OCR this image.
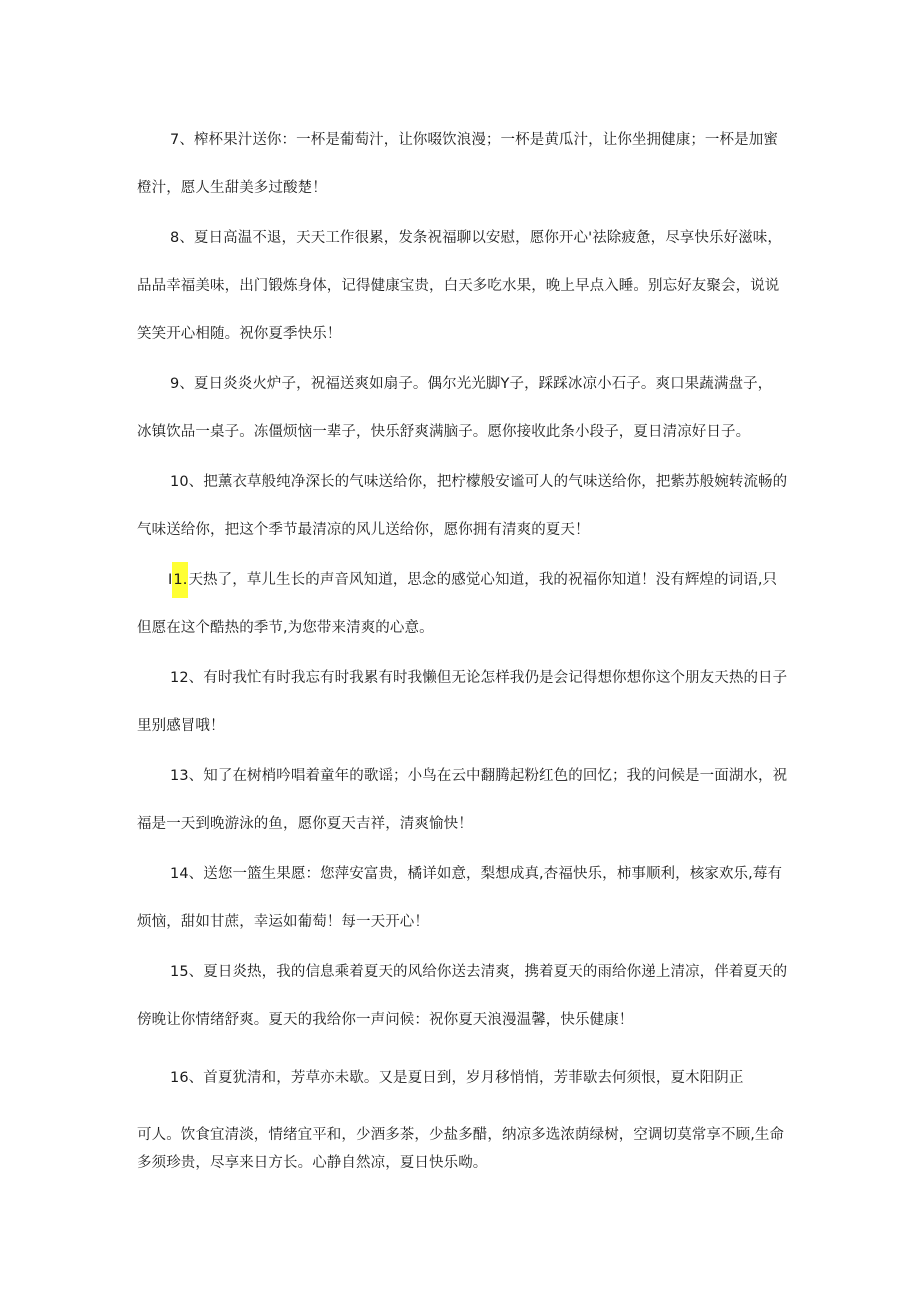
7、榨杯果汁送你：一杯是葡萄汁，让你啜饮浪漫；一杯是黄瓜汁，让你坐拥健康；一杯是加蜜
橙汁，愿人生甜美多过酸楚！
8、夏日高温不退，天天工作很累，发条祝福聊以安慰，愿你开心'祛除疲惫，尽享快乐好滋味，
品品幸福美味，出门锻炼身体，记得健康宝贵，白天多吃水果，晚上早点入睡。别忘好友聚会，说说
笑笑开心相随。祝你夏季快乐！
9、夏日炎炎火炉子，祝福送爽如扇子。偶尔光光脚Y子，踩踩冰凉小石子。爽口果蔬满盘子，
冰镇饮品一桌子。冻僵烦恼一辈子，快乐舒爽满脑子。愿你接收此条小段子，夏日清凉好日子。
10、把薰衣草般纯净深长的气味送给你，把柠檬般安谧可人的气味送给你，把紫苏般婉转流畅的
气味送给你，把这个季节最清凉的风儿送给你，愿你拥有清爽的夏天！
I1.天热了，草儿生长的声音风知道，思念的感觉心知道，我的祝福你知道！没有辉煌的词语,只
但愿在这个酷热的季节,为您带来清爽的心意。
12、有时我忙有时我忘有时我累有时我懒但无论怎样我仍是会记得想你想你这个朋友天热的日子
里别感冒哦！
13、知了在树梢吟唱着童年的歌谣；小鸟在云中翻腾起粉红色的回忆；我的问候是一面湖水，祝
福是一天到晚游泳的鱼，愿你夏天吉祥，清爽愉快！
14、送您一篮生果愿：您萍安富贵，橘详如意，梨想成真,杏福快乐，柿事顺利，核家欢乐,莓有
烦恼，甜如甘蔗，幸运如葡萄！每一天开心！
15、夏日炎热，我的信息乘着夏天的风给你送去清爽，携着夏天的雨给你递上清凉，伴着夏天的
傍晚让你情绪舒爽。夏天的我给你一声问候：祝你夏天浪漫温馨，快乐健康！
16、首夏犹清和，芳草亦未歇。又是夏日到，岁月移悄悄，芳菲歇去何须恨，夏木阳阴正
可人。饮食宜清淡，情绪宜平和，少酒多茶，少盐多醋，纳凉多选浓荫绿树，空调切莫常享不顾,生命
多须珍贵，尽享来日方长。心静自然凉，夏日快乐呦。
